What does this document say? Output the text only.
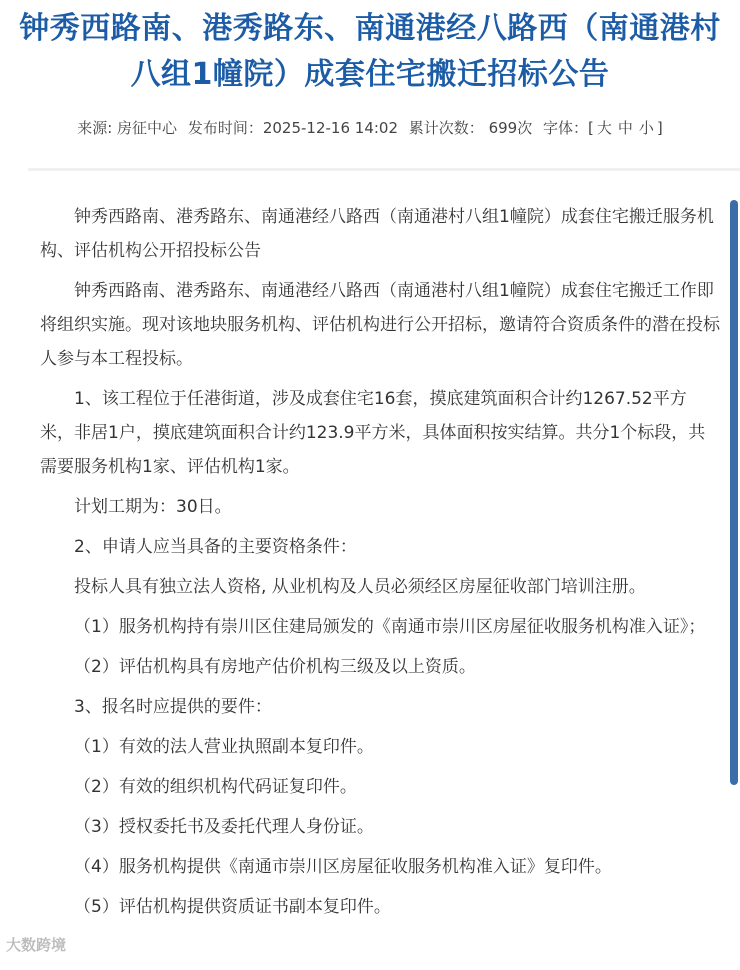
钟秀西路南、港秀路东、南通港经八路西（南通港村八组1幢院）成套住宅搬迁招标公告
来源: 房征中心 发布时间：2025-12-16 14:02 累计次数： 699次 字体：[ 大 中 小 ]

钟秀西路南、港秀路东、南通港经八路西（南通港村八组1幢院）成套住宅搬迁服务机构、评估机构公开招投标公告

钟秀西路南、港秀路东、南通港经八路西（南通港村八组1幢院）成套住宅搬迁工作即将组织实施。现对该地块服务机构、评估机构进行公开招标，邀请符合资质条件的潜在投标人参与本工程投标。

1、该工程位于任港街道，涉及成套住宅16套，摸底建筑面积合计约1267.52平方米，非居1户，摸底建筑面积合计约123.9平方米，具体面积按实结算。共分1个标段，共需要服务机构1家、评估机构1家。

计划工期为：30日。

2、申请人应当具备的主要资格条件：

投标人具有独立法人资格, 从业机构及人员必须经区房屋征收部门培训注册。

（1）服务机构持有崇川区住建局颁发的《南通市崇川区房屋征收服务机构准入证》；

（2）评估机构具有房地产估价机构三级及以上资质。

3、报名时应提供的要件：

（1）有效的法人营业执照副本复印件。

（2）有效的组织机构代码证复印件。

（3）授权委托书及委托代理人身份证。

（4）服务机构提供《南通市崇川区房屋征收服务机构准入证》复印件。

（5）评估机构提供资质证书副本复印件。

大数跨境
